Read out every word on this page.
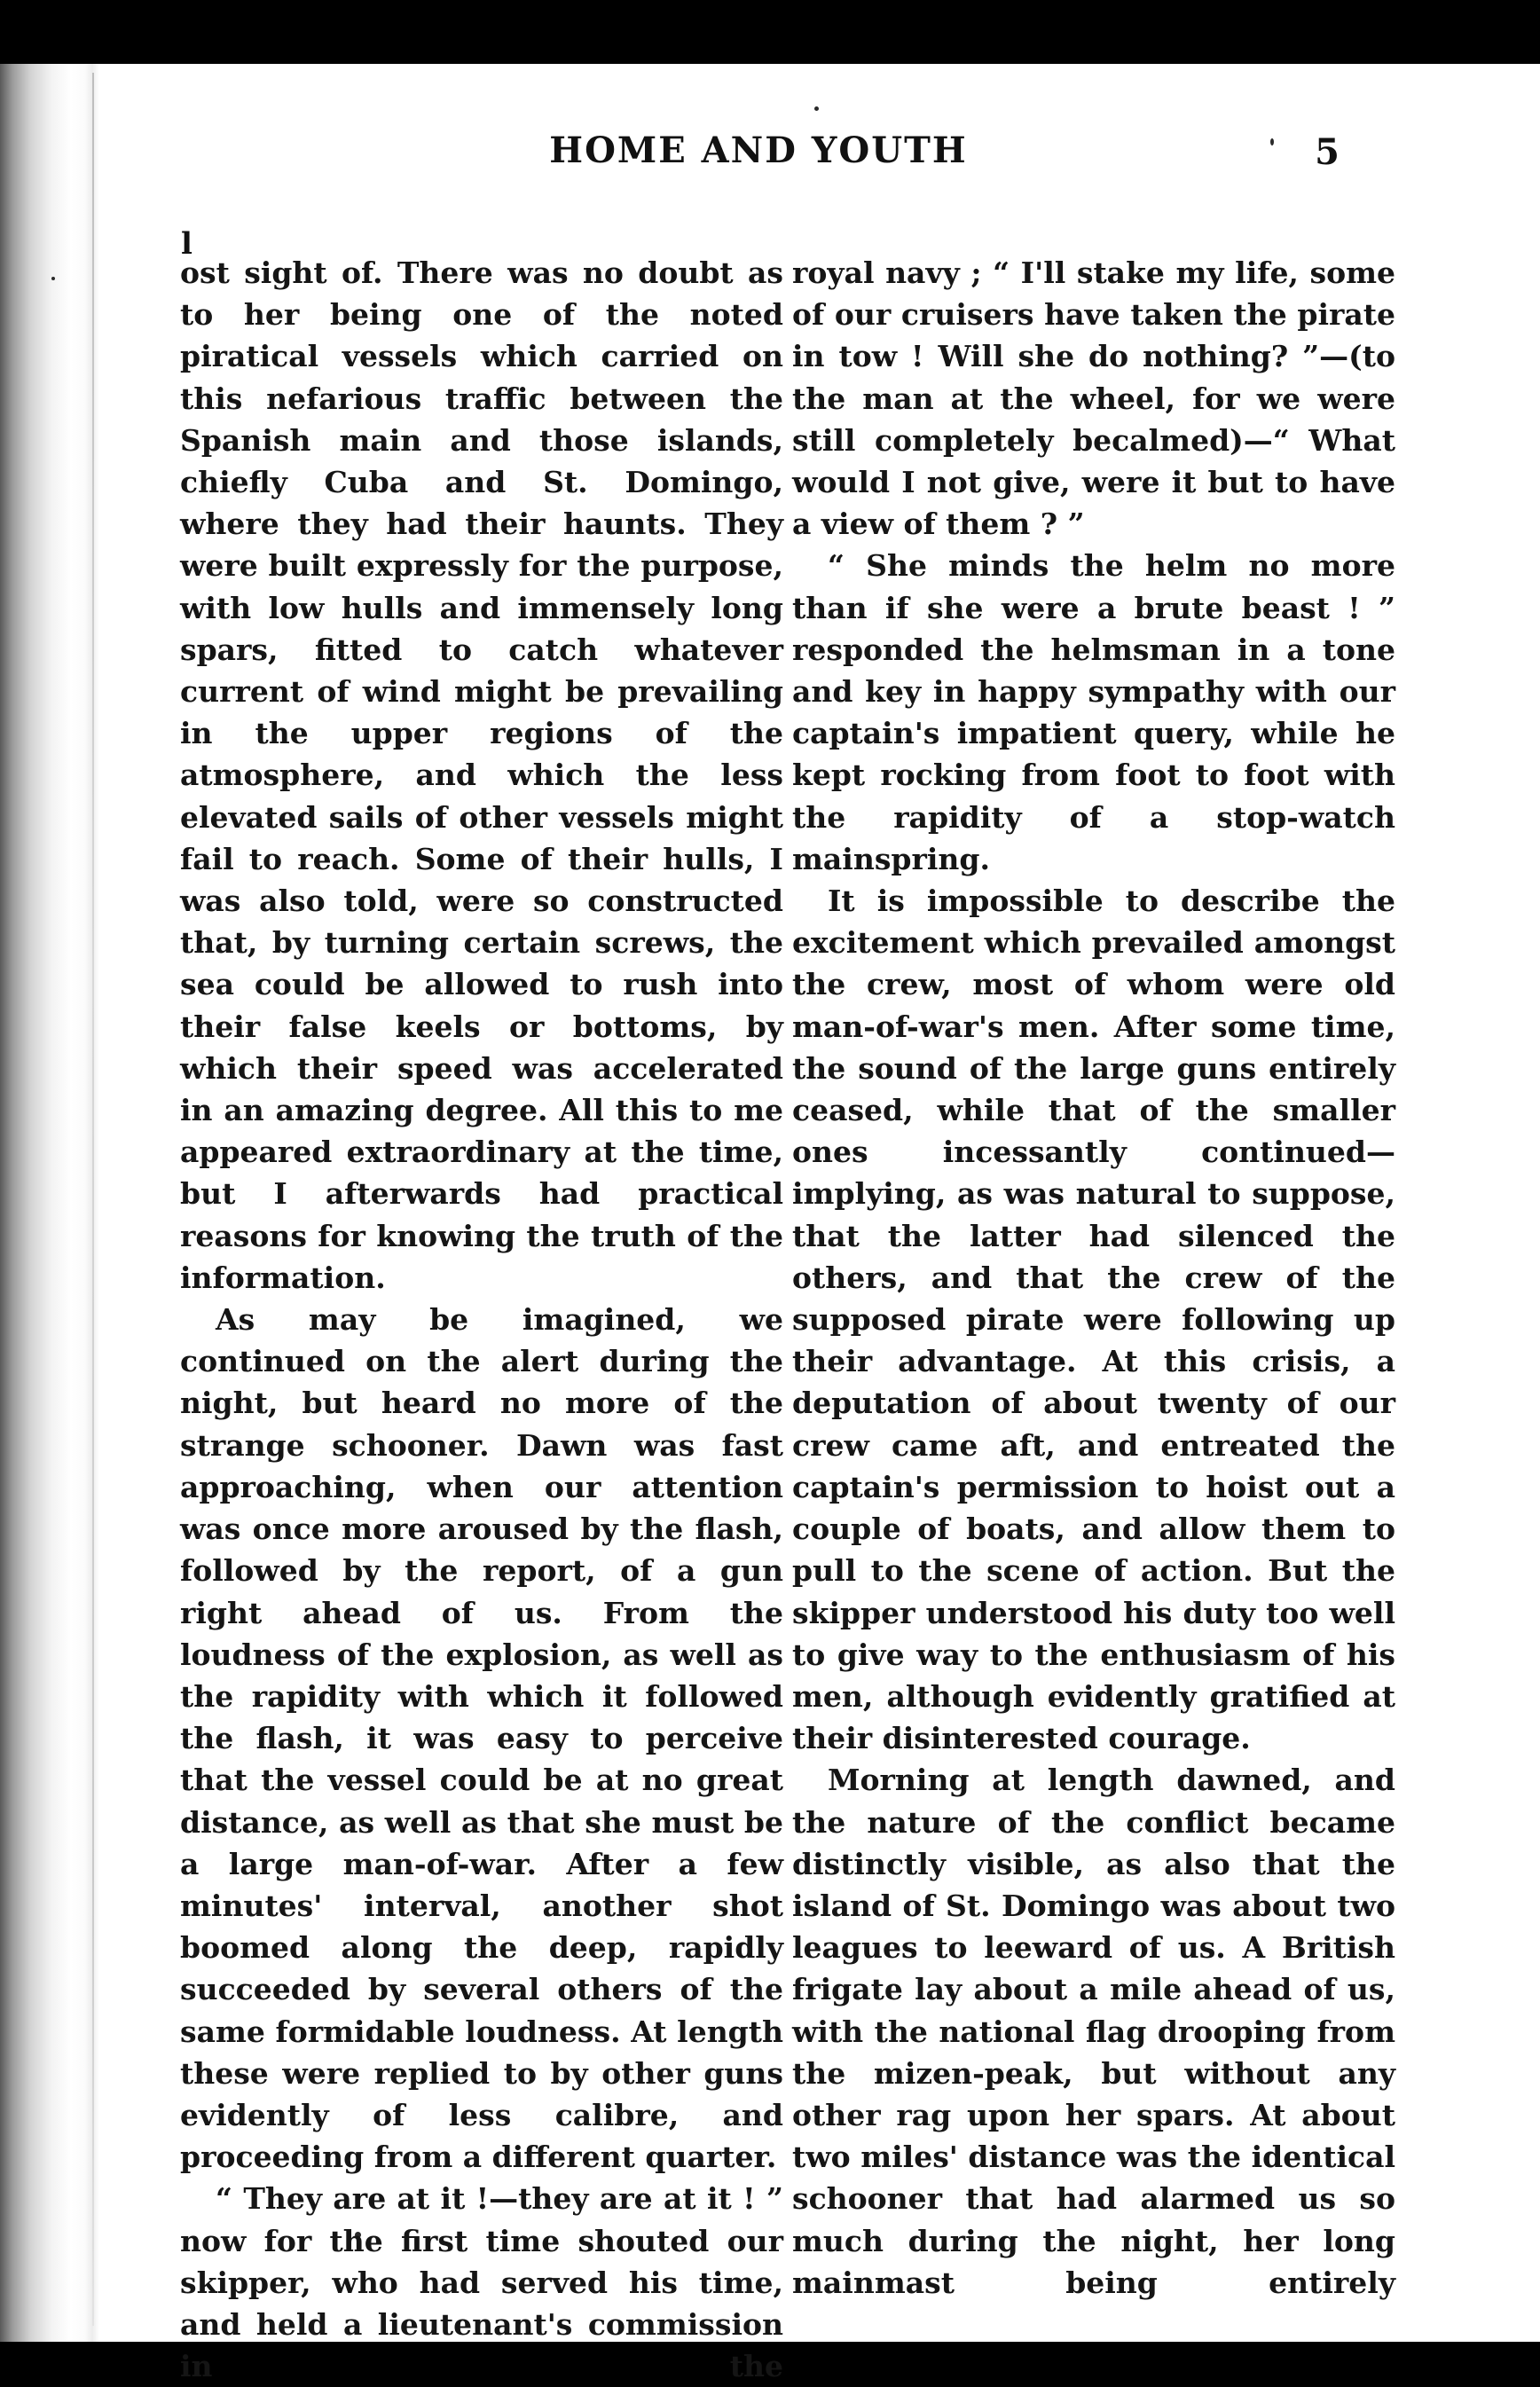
HOME AND YOUTH	5
l

ost sight of. There was no doubt as to her being one of the noted piratical vessels which carried on this nefarious traffic between the Spanish main and those islands, chiefly Cuba and St. Domingo, where they had their haunts. They were built expressly for the purpose, with low hulls and immensely long spars, fitted to catch whatever current of wind might be prevailing in the upper regions of the atmosphere, and which the less elevated sails of other vessels might fail to reach. Some of their hulls, I was also told, were so constructed that, by turning certain screws, the sea could be allowed to rush into their false keels or bottoms, by which their speed was accelerated in an amazing degree. All this to me appeared extraordinary at the time, but I afterwards had practical reasons for knowing the truth of the information.

As may be imagined, we continued on the alert during the night, but heard no more of the strange schooner. Dawn was fast approaching, when our attention was once more aroused by the flash, followed by the report, of a gun right ahead of us. From the loudness of the explosion, as well as the rapidity with which it followed the flash, it was easy to perceive that the vessel could be at no great distance, as well as that she must be a large man-of-war. After a few minutes' interval, another shot boomed along the deep, rapidly succeeded by several others of the same formidable loudness. At length these were replied to by other guns evidently of less calibre, and proceeding from a different quarter.

“ They are at it !—they are at it ! ” now for the first time shouted our skipper, who had served his time, and held a lieutenant's commission in the

royal navy ; “ I'll stake my life, some of our cruisers have taken the pirate in tow ! Will she do nothing? ”—(to the man at the wheel, for we were still completely becalmed)—“ What would I not give, were it but to have a view of them ? ”

“ She minds the helm no more than if she were a brute beast ! ” responded the helmsman in a tone and key in happy sympathy with our captain's impatient query, while he kept rocking from foot to foot with the rapidity of a stop-watch mainspring.

It is impossible to describe the excitement which prevailed amongst the crew, most of whom were old man-of-war's men. After some time, the sound of the large guns entirely ceased, while that of the smaller ones incessantly continued—implying, as was natural to suppose, that the latter had silenced the others, and that the crew of the supposed pirate were following up their advantage. At this crisis, a deputation of about twenty of our crew came aft, and entreated the captain's permission to hoist out a couple of boats, and allow them to pull to the scene of action. But the skipper understood his duty too well to give way to the enthusiasm of his men, although evidently gratified at their disinterested courage.

Morning at length dawned, and the nature of the conflict became distinctly visible, as also that the island of St. Domingo was about two leagues to leeward of us. A British frigate lay about a mile ahead of us, with the national flag drooping from the mizen-peak, but without any other rag upon her spars. At about two miles' distance was the identical schooner that had alarmed us so much during the night, her long mainmast being entirely
